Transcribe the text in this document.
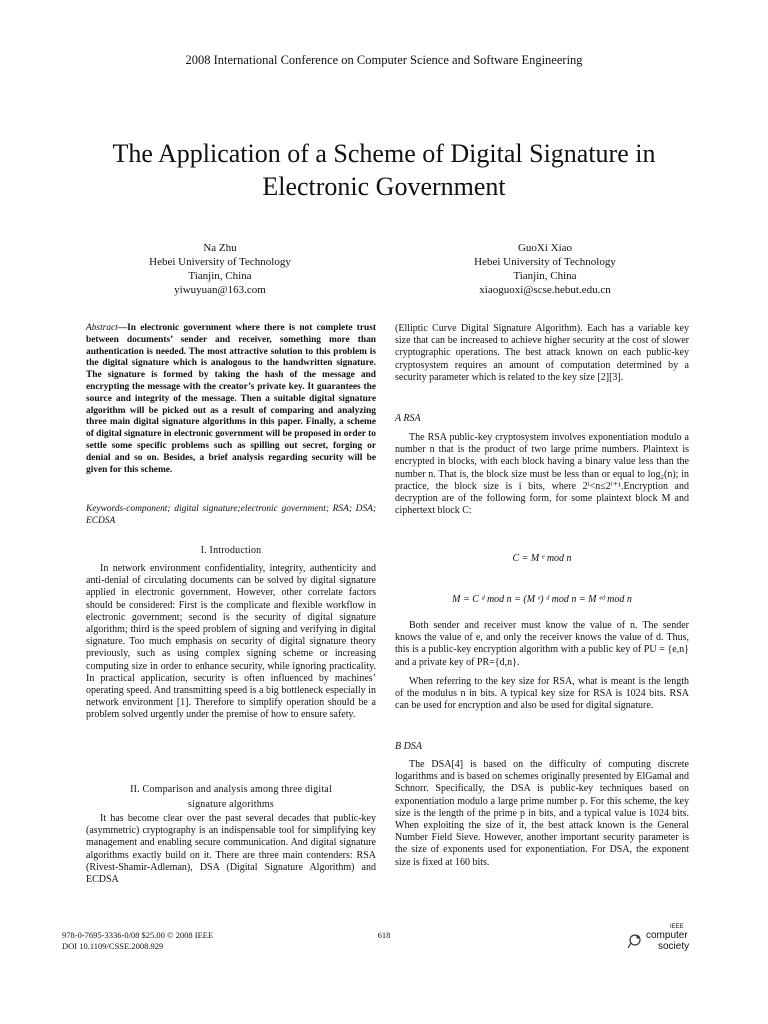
2008 International Conference on Computer Science and Software Engineering
The Application of a Scheme of Digital Signature in Electronic Government
Na Zhu
Hebei University of Technology
Tianjin, China
yiwuyuan@163.com
GuoXi Xiao
Hebei University of Technology
Tianjin, China
xiaoguoxi@scse.hebut.edu.cn
Abstract—In electronic government where there is not complete trust between documents’ sender and receiver, something more than authentication is needed. The most attractive solution to this problem is the digital signature which is analogous to the handwritten signature. The signature is formed by taking the hash of the message and encrypting the message with the creator’s private key. It guarantees the source and integrity of the message. Then a suitable digital signature algorithm will be picked out as a result of comparing and analyzing three main digital signature algorithms in this paper. Finally, a scheme of digital signature in electronic government will be proposed in order to settle some specific problems such as spilling out secret, forging or denial and so on. Besides, a brief analysis regarding security will be given for this scheme.
Keywords-component; digital signature;electronic government; RSA; DSA; ECDSA
I. Introduction

In network environment confidentiality, integrity, authenticity and anti-denial of circulating documents can be solved by digital signature applied in electronic government. However, other correlate factors should be considered: First is the complicate and flexible workflow in electronic government; second is the security of digital signature algorithm; third is the speed problem of signing and verifying in digital signature. Too much emphasis on security of digital signature theory previously, such as using complex signing scheme or increasing computing size in order to enhance security, while ignoring practicality. In practical application, security is often influenced by machines’ operating speed. And transmitting speed is a big bottleneck especially in network environment [1]. Therefore to simplify operation should be a problem solved urgently under the premise of how to ensure safety.

II. Comparison and analysis among three digital
signature algorithms

It has become clear over the past several decades that public-key (asymmetric) cryptography is an indispensable tool for simplifying key management and enabling secure communication. And digital signature algorithms exactly build on it. There are three main contenders: RSA (Rivest-Shamir-Adleman), DSA (Digital Signature Algorithm) and ECDSA

(Elliptic Curve Digital Signature Algorithm). Each has a variable key size that can be increased to achieve higher security at the cost of slower cryptographic operations. The best attack known on each public-key cryptosystem requires an amount of computation determined by a security parameter which is related to the key size [2][3].

A RSA

The RSA public-key cryptosystem involves exponentiation modulo a number n that is the product of two large prime numbers. Plaintext is encrypted in blocks, with each block having a binary value less than the number n. That is, the block size must be less than or equal to log₂(n); in practice, the block size is i bits, where 2ⁱ<n≤2ⁱ⁺¹.Encryption and decryption are of the following form, for some plaintext block M and ciphertext block C:

C = M ᵉ mod n
M = C ᵈ mod n = (M ᵉ) ᵈ mod n = M ᵉᵈ mod n

Both sender and receiver must know the value of n. The sender knows the value of e, and only the receiver knows the value of d. Thus, this is a public-key encryption algorithm with a public key of PU = {e,n} and a private key of PR={d,n}.

When referring to the key size for RSA, what is meant is the length of the modulus n in bits. A typical key size for RSA is 1024 bits. RSA can be used for encryption and also be used for digital signature.

B DSA

The DSA[4] is based on the difficulty of computing discrete logarithms and is based on schemes originally presented by ElGamal and Schnorr. Specifically, the DSA is public-key techniques based on exponentiation modulo a large prime number p. For this scheme, the key size is the length of the prime p in bits, and a typical value is 1024 bits. When exploiting the size of it, the best attack known is the General Number Field Sieve. However, another important security parameter is the size of exponents used for exponentiation. For DSA, the exponent size is fixed at 160 bits.

978-0-7695-3336-0/08 $25.00 © 2008 IEEE
DOI 10.1109/CSSE.2008.929
618
IEEE
computer
society
